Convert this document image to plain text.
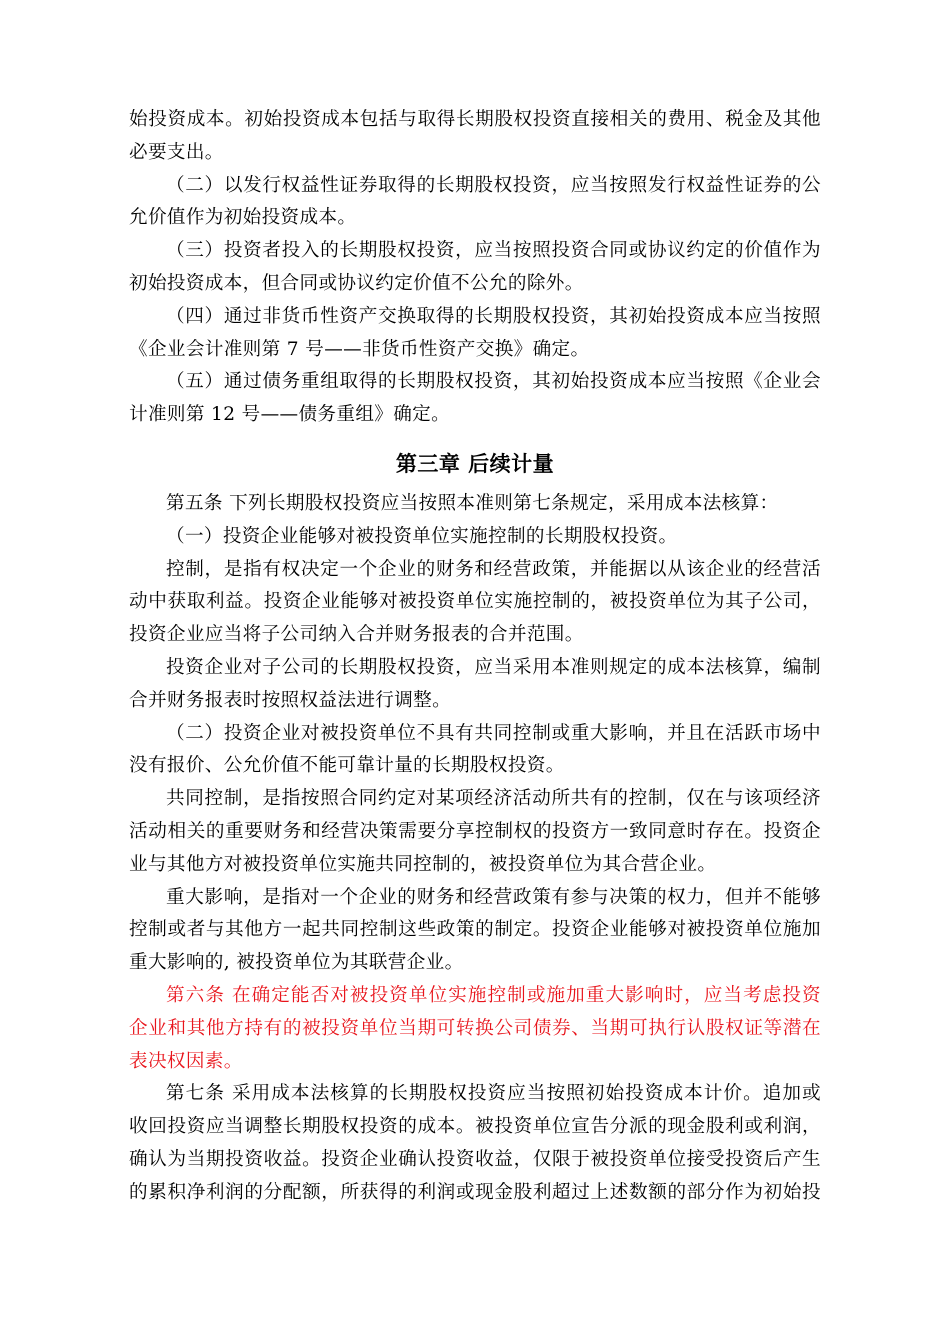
始投资成本。初始投资成本包括与取得长期股权投资直接相关的费用、税金及其他
必要支出。
（二）以发行权益性证券取得的长期股权投资，应当按照发行权益性证券的公
允价值作为初始投资成本。
（三）投资者投入的长期股权投资，应当按照投资合同或协议约定的价值作为
初始投资成本，但合同或协议约定价值不公允的除外。
（四）通过非货币性资产交换取得的长期股权投资，其初始投资成本应当按照
《企业会计准则第 7 号——非货币性资产交换》确定。
（五）通过债务重组取得的长期股权投资，其初始投资成本应当按照《企业会
计准则第 12 号——债务重组》确定。
第三章 后续计量
第五条 下列长期股权投资应当按照本准则第七条规定，采用成本法核算：
（一）投资企业能够对被投资单位实施控制的长期股权投资。
控制，是指有权决定一个企业的财务和经营政策，并能据以从该企业的经营活
动中获取利益。投资企业能够对被投资单位实施控制的，被投资单位为其子公司，
投资企业应当将子公司纳入合并财务报表的合并范围。
投资企业对子公司的长期股权投资，应当采用本准则规定的成本法核算，编制
合并财务报表时按照权益法进行调整。
（二）投资企业对被投资单位不具有共同控制或重大影响，并且在活跃市场中
没有报价、公允价值不能可靠计量的长期股权投资。
共同控制，是指按照合同约定对某项经济活动所共有的控制，仅在与该项经济
活动相关的重要财务和经营决策需要分享控制权的投资方一致同意时存在。投资企
业与其他方对被投资单位实施共同控制的，被投资单位为其合营企业。
重大影响，是指对一个企业的财务和经营政策有参与决策的权力，但并不能够
控制或者与其他方一起共同控制这些政策的制定。投资企业能够对被投资单位施加
重大影响的, 被投资单位为其联营企业。
第六条 在确定能否对被投资单位实施控制或施加重大影响时，应当考虑投资
企业和其他方持有的被投资单位当期可转换公司债券、当期可执行认股权证等潜在
表决权因素。
第七条 采用成本法核算的长期股权投资应当按照初始投资成本计价。追加或
收回投资应当调整长期股权投资的成本。被投资单位宣告分派的现金股利或利润，
确认为当期投资收益。投资企业确认投资收益，仅限于被投资单位接受投资后产生
的累积净利润的分配额，所获得的利润或现金股利超过上述数额的部分作为初始投
